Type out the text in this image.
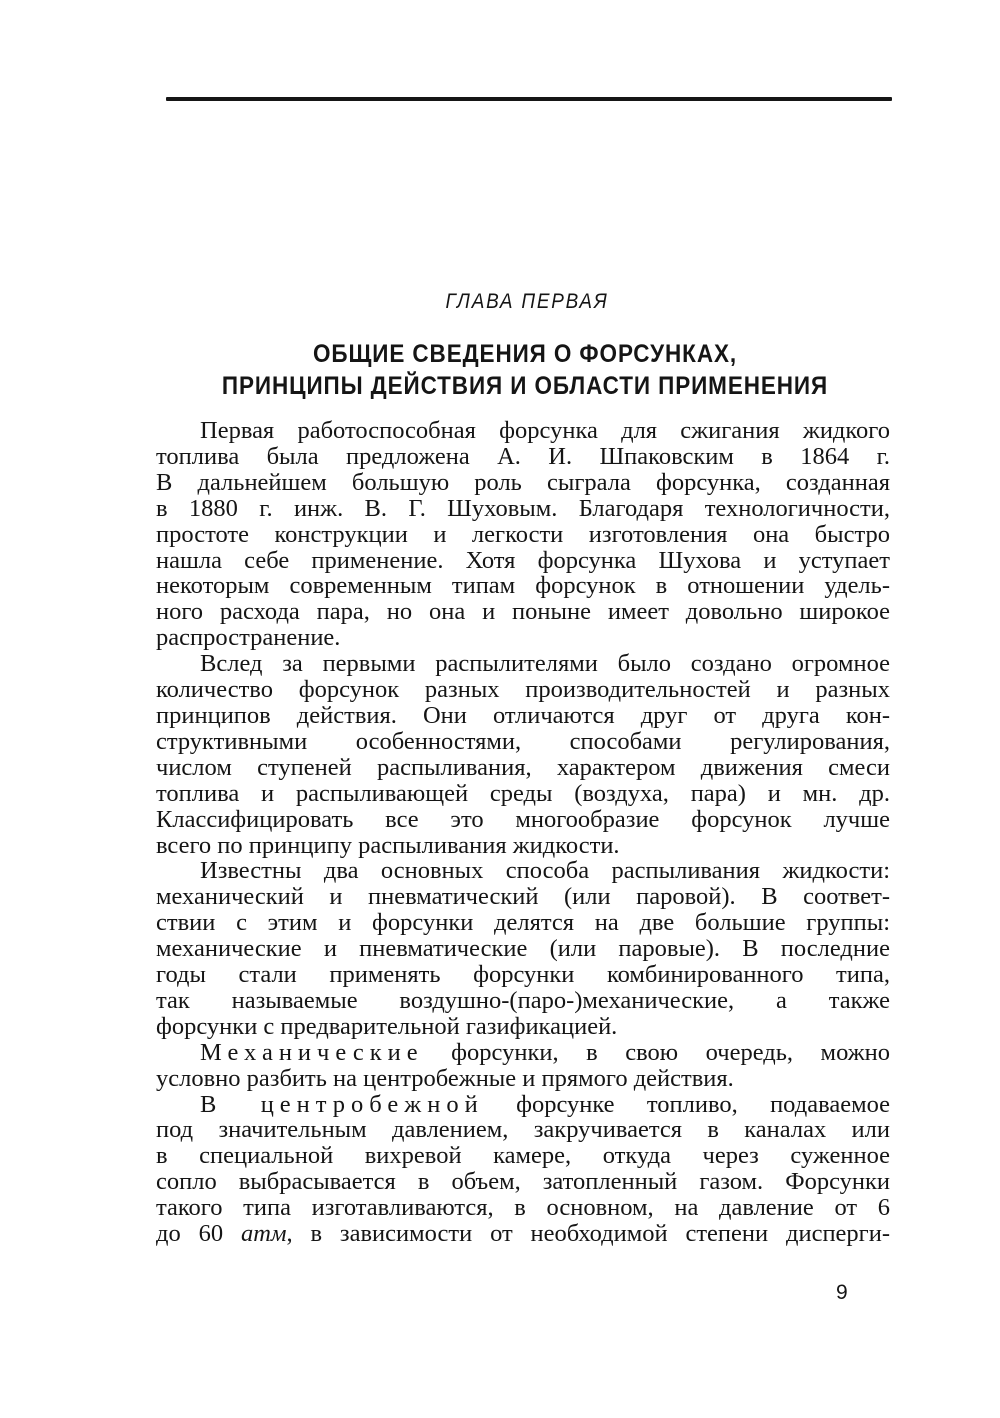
ГЛАВА ПЕРВАЯ
ОБЩИЕ СВЕДЕНИЯ О ФОРСУНКАХ,
ПРИНЦИПЫ ДЕЙСТВИЯ И ОБЛАСТИ ПРИМЕНЕНИЯ
Первая работоспособная форсунка для сжигания жидкого
топлива была предложена А. И. Шпаковским в 1864 г.
В дальнейшем большую роль сыграла форсунка, созданная
в 1880 г. инж. В. Г. Шуховым. Благодаря технологичности,
простоте конструкции и легкости изготовления она быстро
нашла себе применение. Хотя форсунка Шухова и уступает
некоторым современным типам форсунок в отношении удель-
ного расхода пара, но она и поныне имеет довольно широкое
распространение.
Вслед за первыми распылителями было создано огромное
количество форсунок разных производительностей и разных
принципов действия. Они отличаются друг от друга кон-
структивными особенностями, способами регулирования,
числом ступеней распыливания, характером движения смеси
топлива и распыливающей среды (воздуха, пара) и мн. др.
Классифицировать все это многообразие форсунок лучше
всего по принципу распыливания жидкости.
Известны два основных способа распыливания жидкости:
механический и пневматический (или паровой). В соответ-
ствии с этим и форсунки делятся на две большие группы:
механические и пневматические (или паровые). В последние
годы стали применять форсунки комбинированного типа,
так называемые воздушно-(паро-)механические, а также
форсунки с предварительной газификацией.
Механические форсунки, в свою очередь, можно
условно разбить на центробежные и прямого действия.
В центробежной форсунке топливо, подаваемое
под значительным давлением, закручивается в каналах или
в специальной вихревой камере, откуда через суженное
сопло выбрасывается в объем, затопленный газом. Форсунки
такого типа изготавливаются, в основном, на давление от 6
до 60 атм, в зависимости от необходимой степени дисперги-
9
